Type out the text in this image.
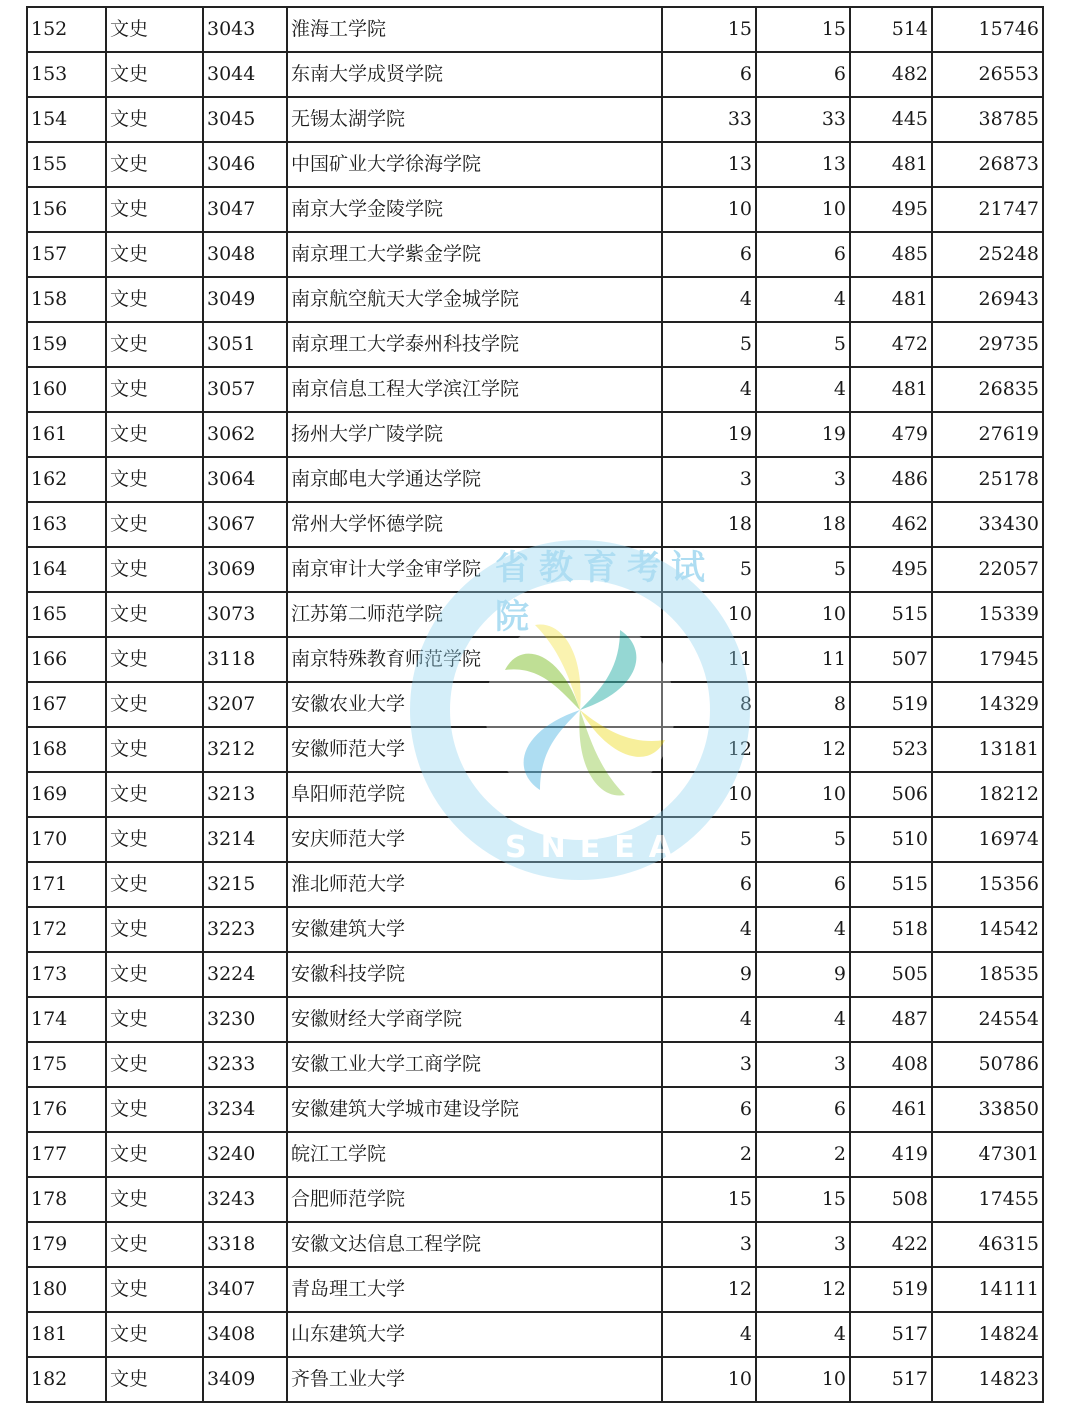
152	文史	3043	淮海工学院	15	15	514	15746
153	文史	3044	东南大学成贤学院	6	6	482	26553
154	文史	3045	无锡太湖学院	33	33	445	38785
155	文史	3046	中国矿业大学徐海学院	13	13	481	26873
156	文史	3047	南京大学金陵学院	10	10	495	21747
157	文史	3048	南京理工大学紫金学院	6	6	485	25248
158	文史	3049	南京航空航天大学金城学院	4	4	481	26943
159	文史	3051	南京理工大学泰州科技学院	5	5	472	29735
160	文史	3057	南京信息工程大学滨江学院	4	4	481	26835
161	文史	3062	扬州大学广陵学院	19	19	479	27619
162	文史	3064	南京邮电大学通达学院	3	3	486	25178
163	文史	3067	常州大学怀德学院	18	18	462	33430
164	文史	3069	南京审计大学金审学院	5	5	495	22057
165	文史	3073	江苏第二师范学院	10	10	515	15339
166	文史	3118	南京特殊教育师范学院	11	11	507	17945
167	文史	3207	安徽农业大学	8	8	519	14329
168	文史	3212	安徽师范大学	12	12	523	13181
169	文史	3213	阜阳师范学院	10	10	506	18212
170	文史	3214	安庆师范大学	5	5	510	16974
171	文史	3215	淮北师范大学	6	6	515	15356
172	文史	3223	安徽建筑大学	4	4	518	14542
173	文史	3224	安徽科技学院	9	9	505	18535
174	文史	3230	安徽财经大学商学院	4	4	487	24554
175	文史	3233	安徽工业大学工商学院	3	3	408	50786
176	文史	3234	安徽建筑大学城市建设学院	6	6	461	33850
177	文史	3240	皖江工学院	2	2	419	47301
178	文史	3243	合肥师范学院	15	15	508	17455
179	文史	3318	安徽文达信息工程学院	3	3	422	46315
180	文史	3407	青岛理工大学	12	12	519	14111
181	文史	3408	山东建筑大学	4	4	517	14824
182	文史	3409	齐鲁工业大学	10	10	517	14823
省教育考试院
SNEEA
